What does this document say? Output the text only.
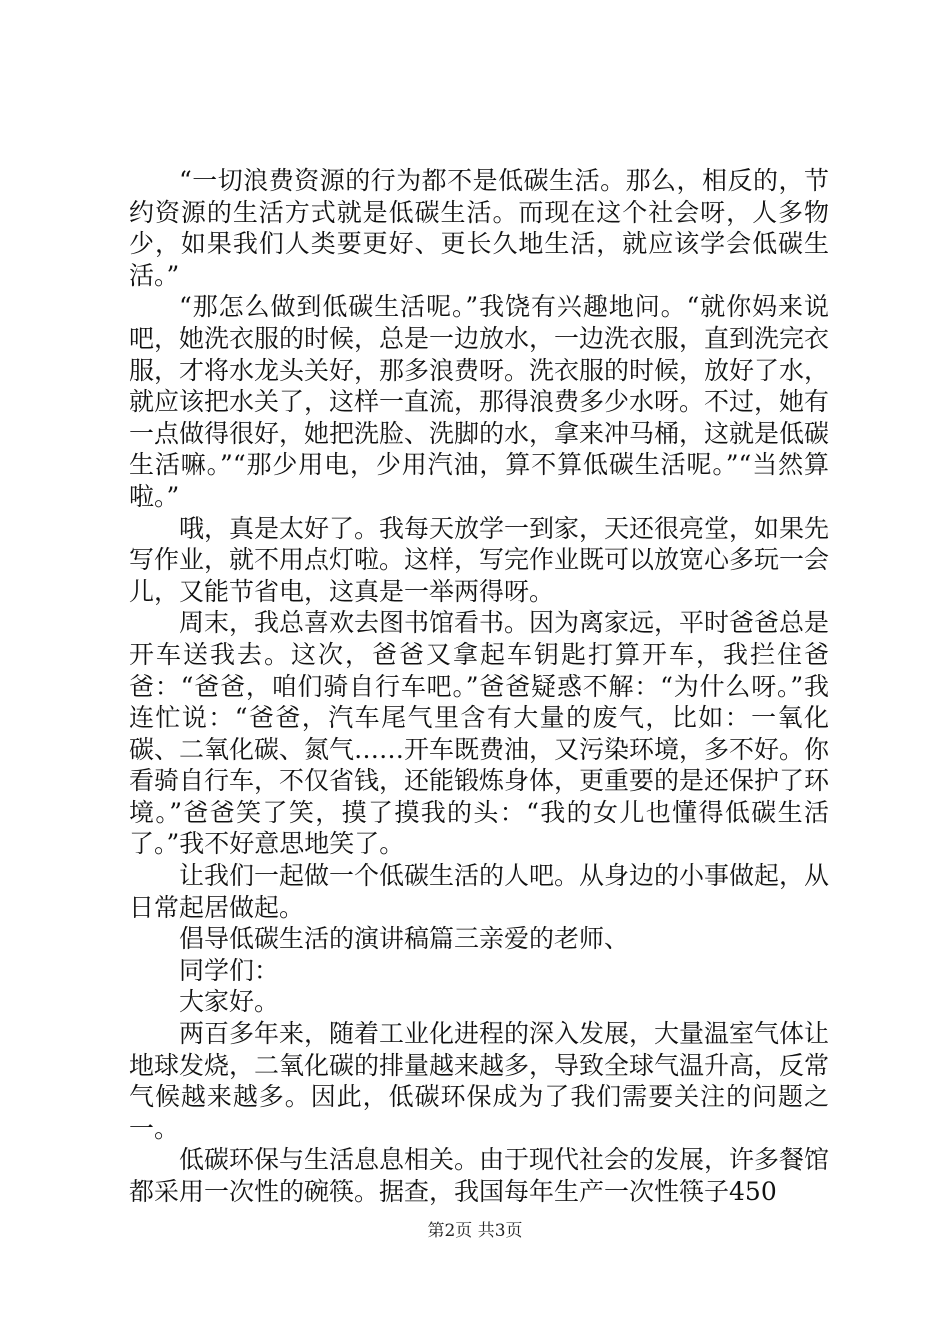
“一切浪费资源的行为都不是低碳生活。那么，相反的，节约资源的生活方式就是低碳生活。而现在这个社会呀，人多物少，如果我们人类要更好、更长久地生活，就应该学会低碳生活。”

“那怎么做到低碳生活呢。”我饶有兴趣地问。“就你妈来说吧，她洗衣服的时候，总是一边放水，一边洗衣服，直到洗完衣服，才将水龙头关好，那多浪费呀。洗衣服的时候，放好了水，就应该把水关了，这样一直流，那得浪费多少水呀。不过，她有一点做得很好，她把洗脸、洗脚的水，拿来冲马桶，这就是低碳生活嘛。”“那少用电，少用汽油，算不算低碳生活呢。”“当然算啦。”

哦，真是太好了。我每天放学一到家，天还很亮堂，如果先写作业，就不用点灯啦。这样，写完作业既可以放宽心多玩一会儿，又能节省电，这真是一举两得呀。

周末，我总喜欢去图书馆看书。因为离家远，平时爸爸总是开车送我去。这次，爸爸又拿起车钥匙打算开车，我拦住爸爸：“爸爸，咱们骑自行车吧。”爸爸疑惑不解：“为什么呀。”我连忙说：“爸爸，汽车尾气里含有大量的废气，比如：一氧化碳、二氧化碳、氮气……开车既费油，又污染环境，多不好。你看骑自行车，不仅省钱，还能锻炼身体，更重要的是还保护了环境。”爸爸笑了笑，摸了摸我的头：“我的女儿也懂得低碳生活了。”我不好意思地笑了。

让我们一起做一个低碳生活的人吧。从身边的小事做起，从日常起居做起。

倡导低碳生活的演讲稿篇三亲爱的老师、

同学们：

大家好。

两百多年来，随着工业化进程的深入发展，大量温室气体让地球发烧，二氧化碳的排量越来越多，导致全球气温升高，反常气候越来越多。因此，低碳环保成为了我们需要关注的问题之一。

低碳环保与生活息息相关。由于现代社会的发展，许多餐馆都采用一次性的碗筷。据查，我国每年生产一次性筷子450

第2页 共3页
